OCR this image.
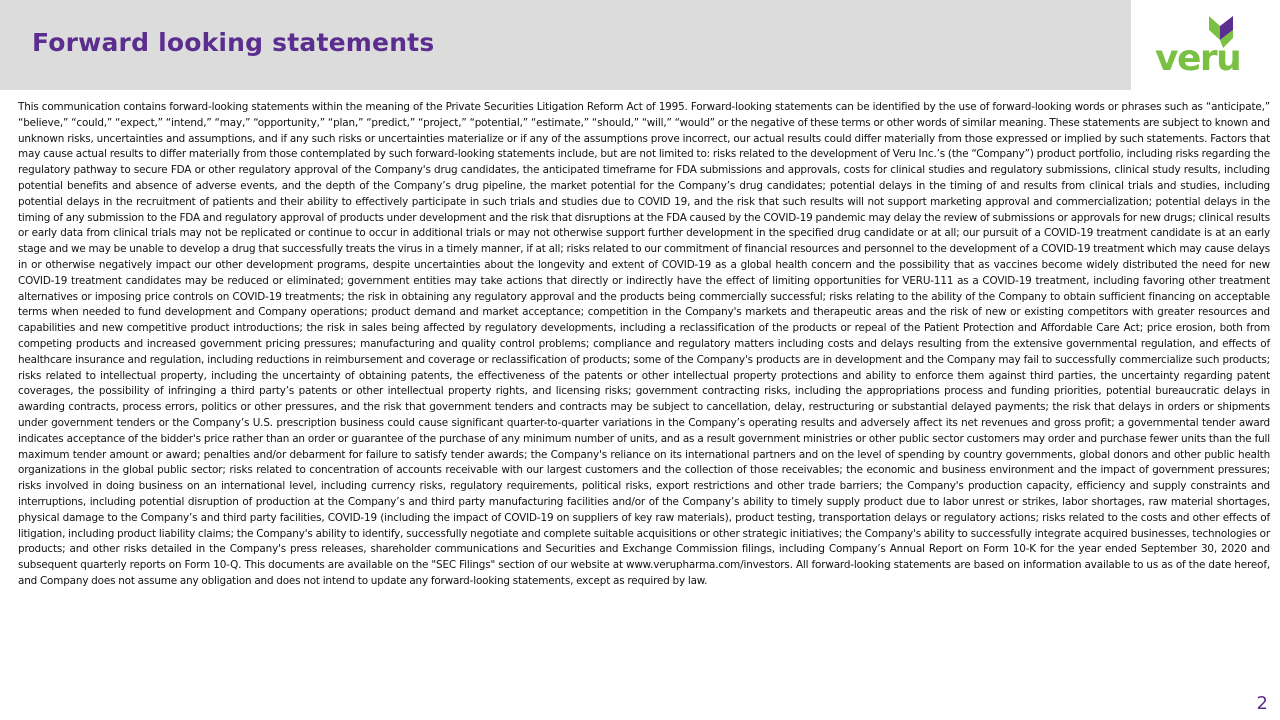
Forward looking statements	veru
This communication contains forward-looking statements within the meaning of the Private Securities Litigation Reform Act of 1995. Forward-looking statements can be identified by the use of forward-looking words or phrases such as “anticipate,” “believe,” “could,” “expect,” “intend,” “may,” “opportunity,” “plan,” “predict,” “project,” “potential,” “estimate,” “should,” “will,” “would” or the negative of these terms or other words of similar meaning. These statements are subject to known and unknown risks, uncertainties and assumptions, and if any such risks or uncertainties materialize or if any of the assumptions prove incorrect, our actual results could differ materially from those expressed or implied by such statements. Factors that may cause actual results to differ materially from those contemplated by such forward-looking statements include, but are not limited to: risks related to the development of Veru Inc.’s (the “Company”) product portfolio, including risks regarding the regulatory pathway to secure FDA or other regulatory approval of the Company's drug candidates, the anticipated timeframe for FDA submissions and approvals, costs for clinical studies and regulatory submissions, clinical study results, including potential benefits and absence of adverse events, and the depth of the Company’s drug pipeline, the market potential for the Company’s drug candidates; potential delays in the timing of and results from clinical trials and studies, including potential delays in the recruitment of patients and their ability to effectively participate in such trials and studies due to COVID 19, and the risk that such results will not support marketing approval and commercialization; potential delays in the timing of any submission to the FDA and regulatory approval of products under development and the risk that disruptions at the FDA caused by the COVID-19 pandemic may delay the review of submissions or approvals for new drugs; clinical results or early data from clinical trials may not be replicated or continue to occur in additional trials or may not otherwise support further development in the specified drug candidate or at all; our pursuit of a COVID-19 treatment candidate is at an early stage and we may be unable to develop a drug that successfully treats the virus in a timely manner, if at all; risks related to our commitment of financial resources and personnel to the development of a COVID-19 treatment which may cause delays in or otherwise negatively impact our other development programs, despite uncertainties about the longevity and extent of COVID-19 as a global health concern and the possibility that as vaccines become widely distributed the need for new COVID-19 treatment candidates may be reduced or eliminated; government entities may take actions that directly or indirectly have the effect of limiting opportunities for VERU-111 as a COVID-19 treatment, including favoring other treatment alternatives or imposing price controls on COVID-19 treatments; the risk in obtaining any regulatory approval and the products being commercially successful; risks relating to the ability of the Company to obtain sufficient financing on acceptable terms when needed to fund development and Company operations; product demand and market acceptance; competition in the Company's markets and therapeutic areas and the risk of new or existing competitors with greater resources and capabilities and new competitive product introductions; the risk in sales being affected by regulatory developments, including a reclassification of the products or repeal of the Patient Protection and Affordable Care Act; price erosion, both from competing products and increased government pricing pressures; manufacturing and quality control problems; compliance and regulatory matters including costs and delays resulting from the extensive governmental regulation, and effects of healthcare insurance and regulation, including reductions in reimbursement and coverage or reclassification of products; some of the Company's products are in development and the Company may fail to successfully commercialize such products; risks related to intellectual property, including the uncertainty of obtaining patents, the effectiveness of the patents or other intellectual property protections and ability to enforce them against third parties, the uncertainty regarding patent coverages, the possibility of infringing a third party’s patents or other intellectual property rights, and licensing risks; government contracting risks, including the appropriations process and funding priorities, potential bureaucratic delays in awarding contracts, process errors, politics or other pressures, and the risk that government tenders and contracts may be subject to cancellation, delay, restructuring or substantial delayed payments; the risk that delays in orders or shipments under government tenders or the Company’s U.S. prescription business could cause significant quarter-to-quarter variations in the Company’s operating results and adversely affect its net revenues and gross profit; a governmental tender award indicates acceptance of the bidder's price rather than an order or guarantee of the purchase of any minimum number of units, and as a result government ministries or other public sector customers may order and purchase fewer units than the full maximum tender amount or award; penalties and/or debarment for failure to satisfy tender awards; the Company's reliance on its international partners and on the level of spending by country governments, global donors and other public health organizations in the global public sector; risks related to concentration of accounts receivable with our largest customers and the collection of those receivables; the economic and business environment and the impact of government pressures; risks involved in doing business on an international level, including currency risks, regulatory requirements, political risks, export restrictions and other trade barriers; the Company's production capacity, efficiency and supply constraints and interruptions, including potential disruption of production at the Company’s and third party manufacturing facilities and/or of the Company’s ability to timely supply product due to labor unrest or strikes, labor shortages, raw material shortages, physical damage to the Company’s and third party facilities, COVID-19 (including the impact of COVID-19 on suppliers of key raw materials), product testing, transportation delays or regulatory actions; risks related to the costs and other effects of litigation, including product liability claims; the Company's ability to identify, successfully negotiate and complete suitable acquisitions or other strategic initiatives; the Company's ability to successfully integrate acquired businesses, technologies or products; and other risks detailed in the Company's press releases, shareholder communications and Securities and Exchange Commission filings, including Company’s Annual Report on Form 10-K for the year ended September 30, 2020 and subsequent quarterly reports on Form 10-Q. This documents are available on the "SEC Filings" section of our website at www.verupharma.com/investors. All forward-looking statements are based on information available to us as of the date hereof, and Company does not assume any obligation and does not intend to update any forward-looking statements, except as required by law.
2
